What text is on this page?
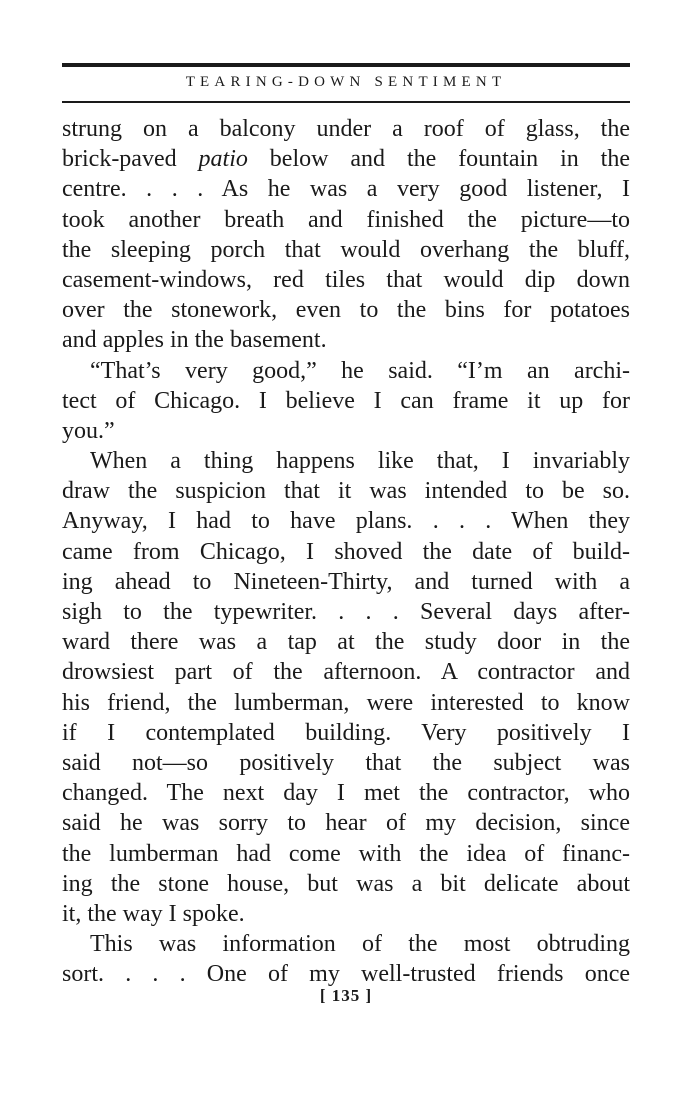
TEARING-DOWN SENTIMENT
strung on a balcony under a roof of glass, the
brick-paved patio below and the fountain in the
centre. . . . As he was a very good listener, I
took another breath and finished the picture—to
the sleeping porch that would overhang the bluff,
casement-windows, red tiles that would dip down
over the stonework, even to the bins for potatoes
and apples in the basement.
“That’s very good,” he said. “I’m an archi-
tect of Chicago. I believe I can frame it up for
you.”
When a thing happens like that, I invariably
draw the suspicion that it was intended to be so.
Anyway, I had to have plans. . . . When they
came from Chicago, I shoved the date of build-
ing ahead to Nineteen-Thirty, and turned with a
sigh to the typewriter. . . . Several days after-
ward there was a tap at the study door in the
drowsiest part of the afternoon. A contractor and
his friend, the lumberman, were interested to know
if I contemplated building. Very positively I
said not—so positively that the subject was
changed. The next day I met the contractor, who
said he was sorry to hear of my decision, since
the lumberman had come with the idea of financ-
ing the stone house, but was a bit delicate about
it, the way I spoke.
This was information of the most obtruding
sort. . . . One of my well-trusted friends once
[ 135 ]
